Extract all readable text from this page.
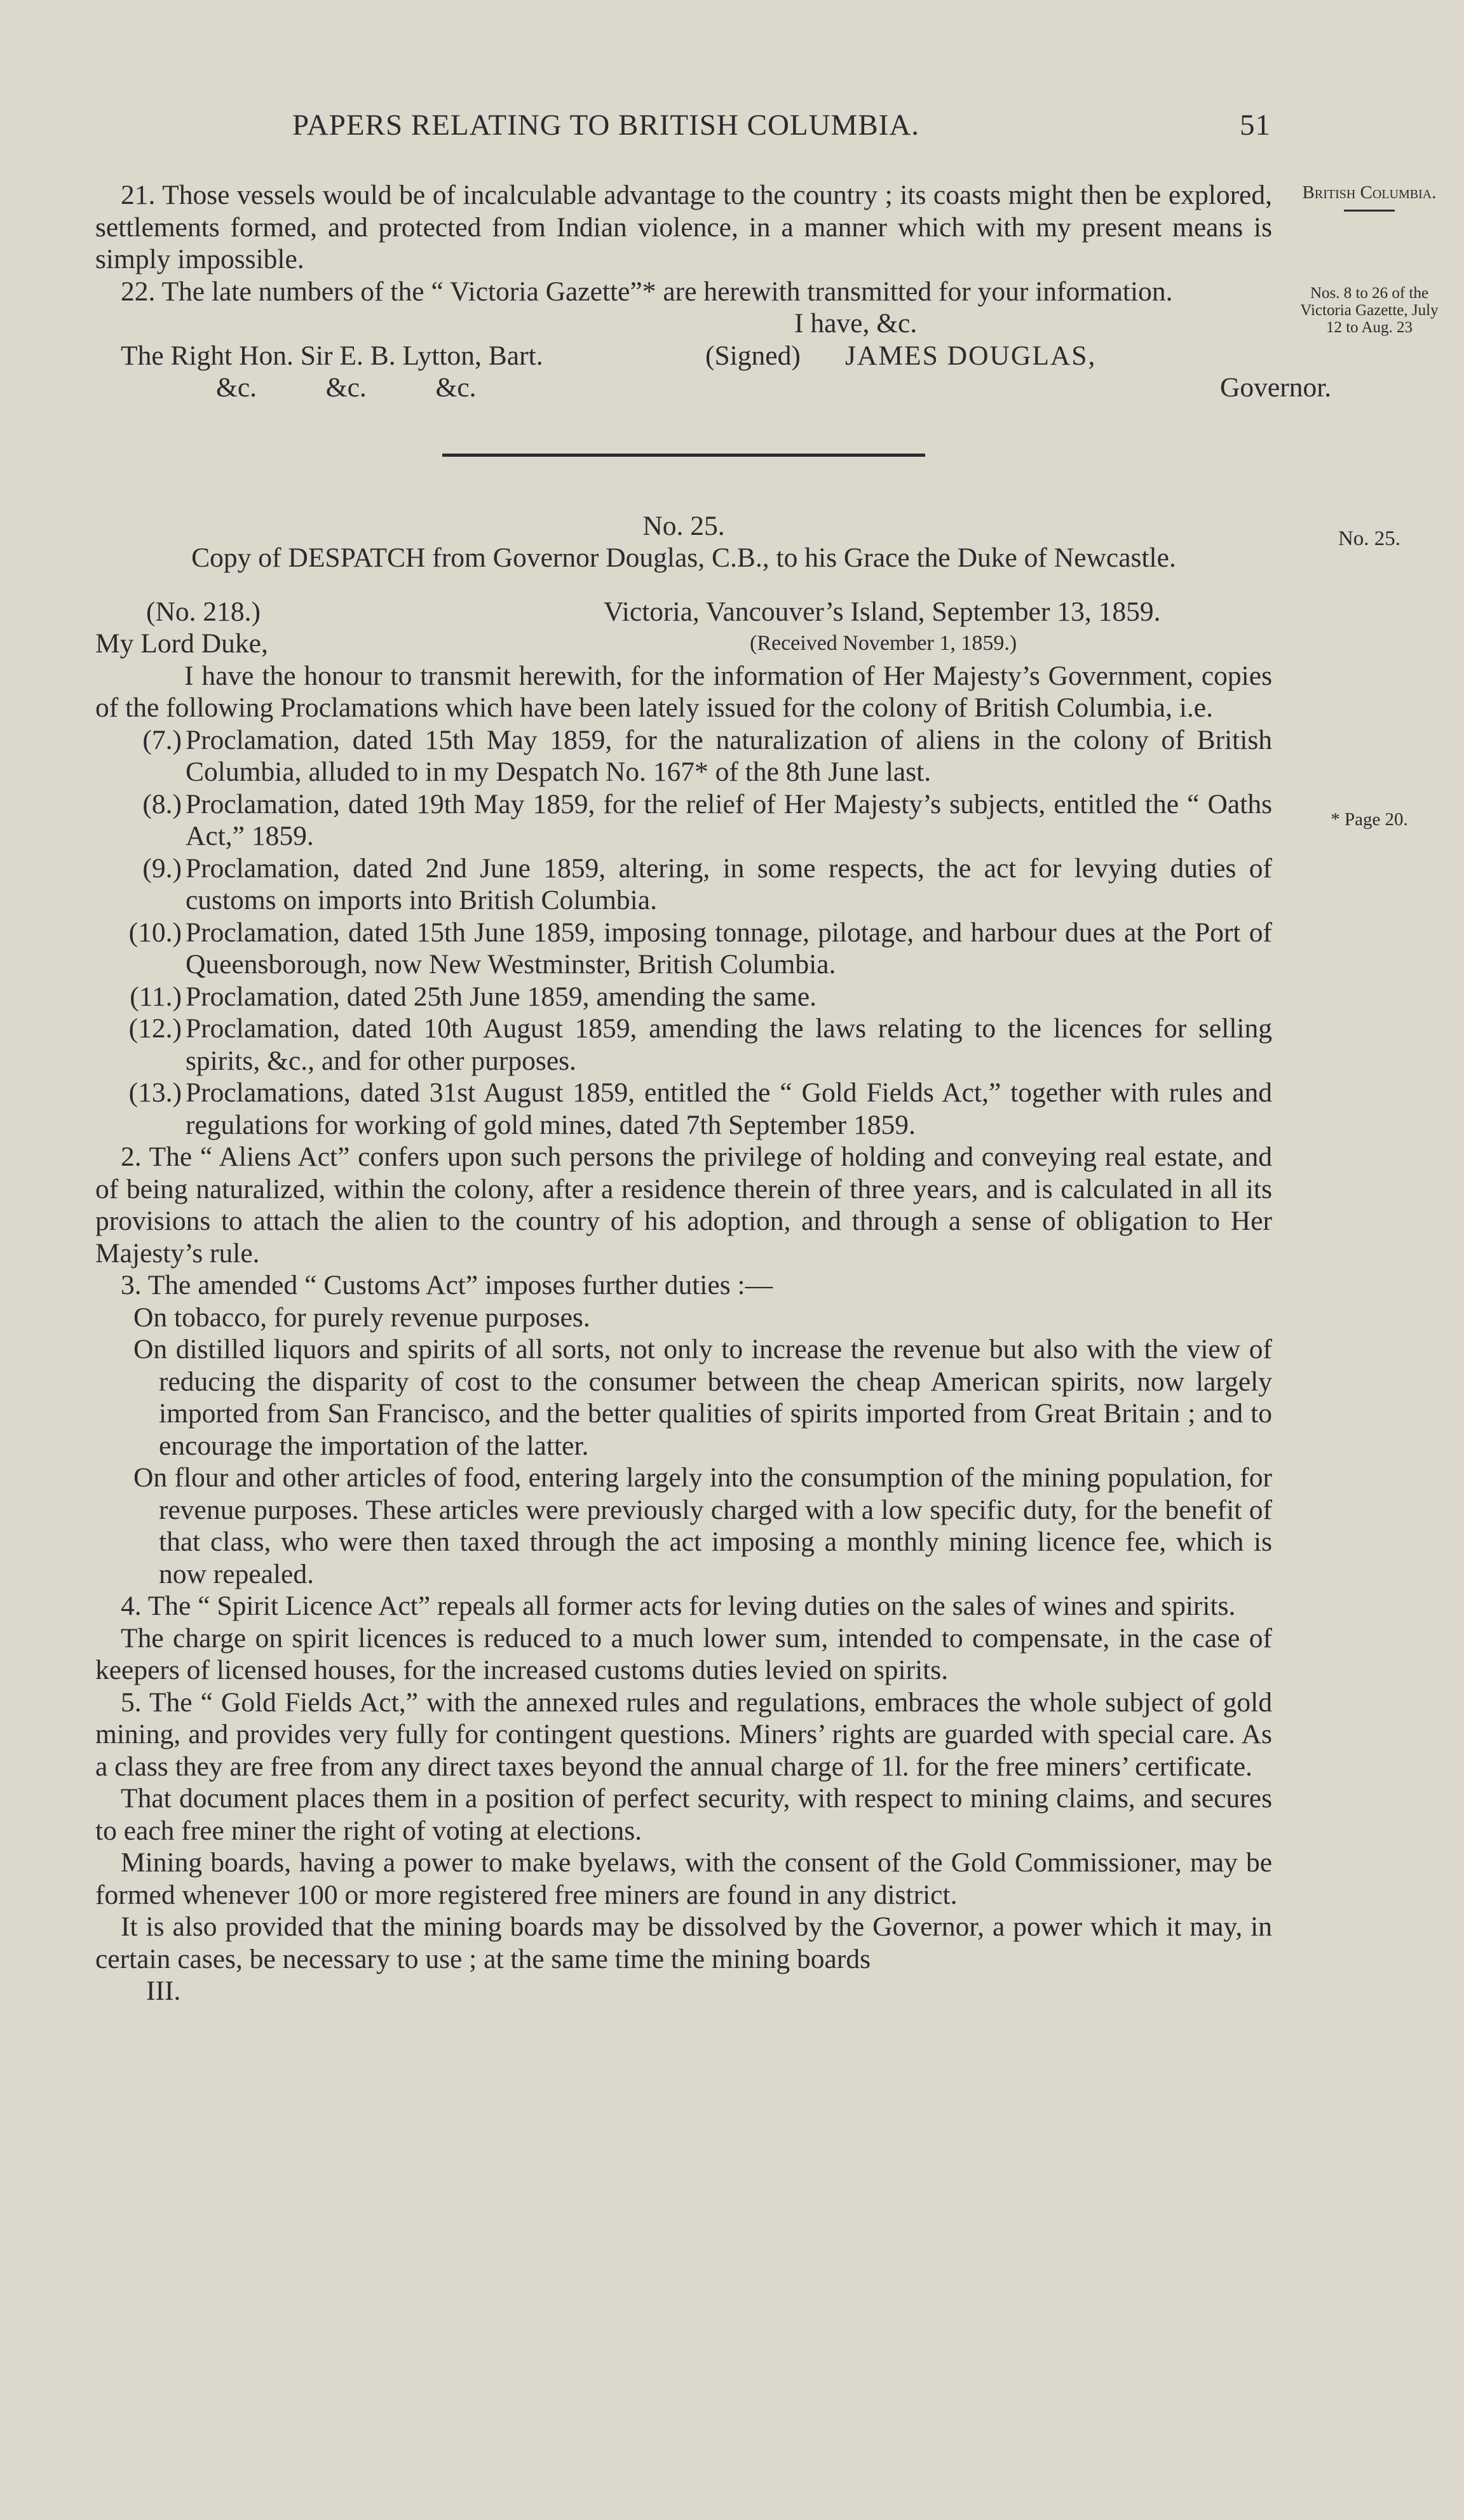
PAPERS RELATING TO BRITISH COLUMBIA.	51
British Columbia.
Nos. 8 to 26 of the Victoria Gazette, July 12 to Aug. 23
No. 25.
* Page 20.

21. Those vessels would be of incalculable advantage to the country ; its coasts might then be explored, settlements formed, and protected from Indian violence, in a manner which with my present means is simply impossible.

22. The late numbers of the “ Victoria Gazette”* are herewith transmitted for your information.

I have, &c.

The Right Hon. Sir E. B. Lytton, Bart.	(Signed)	JAMES DOUGLAS,
&c.          &c.          &c.	Governor.

No. 25.

Copy of DESPATCH from Governor Douglas, C.B., to his Grace the Duke of Newcastle.

(No. 218.)	Victoria, Vancouver’s Island, September 13, 1859.
My Lord Duke,	(Received November 1, 1859.)

I have the honour to transmit herewith, for the information of Her Majesty’s Government, copies of the following Proclamations which have been lately issued for the colony of British Columbia, i.e.

(7.) Proclamation, dated 15th May 1859, for the naturalization of aliens in the colony of British Columbia, alluded to in my Despatch No. 167* of the 8th June last.
(8.) Proclamation, dated 19th May 1859, for the relief of Her Majesty’s subjects, entitled the “ Oaths Act,” 1859.
(9.) Proclamation, dated 2nd June 1859, altering, in some respects, the act for levying duties of customs on imports into British Columbia.
(10.) Proclamation, dated 15th June 1859, imposing tonnage, pilotage, and harbour dues at the Port of Queensborough, now New Westminster, British Columbia.
(11.) Proclamation, dated 25th June 1859, amending the same.
(12.) Proclamation, dated 10th August 1859, amending the laws relating to the licences for selling spirits, &c., and for other purposes.
(13.) Proclamations, dated 31st August 1859, entitled the “ Gold Fields Act,” together with rules and regulations for working of gold mines, dated 7th September 1859.

2. The “ Aliens Act” confers upon such persons the privilege of holding and conveying real estate, and of being naturalized, within the colony, after a residence therein of three years, and is calculated in all its provisions to attach the alien to the country of his adoption, and through a sense of obligation to Her Majesty’s rule.

3. The amended “ Customs Act” imposes further duties :—

On tobacco, for purely revenue purposes.

On distilled liquors and spirits of all sorts, not only to increase the revenue but also with the view of reducing the disparity of cost to the consumer between the cheap American spirits, now largely imported from San Francisco, and the better qualities of spirits imported from Great Britain ; and to encourage the importation of the latter.

On flour and other articles of food, entering largely into the consumption of the mining population, for revenue purposes. These articles were previously charged with a low specific duty, for the benefit of that class, who were then taxed through the act imposing a monthly mining licence fee, which is now repealed.

4. The “ Spirit Licence Act” repeals all former acts for leving duties on the sales of wines and spirits.

The charge on spirit licences is reduced to a much lower sum, intended to compensate, in the case of keepers of licensed houses, for the increased customs duties levied on spirits.

5. The “ Gold Fields Act,” with the annexed rules and regulations, embraces the whole subject of gold mining, and provides very fully for contingent questions. Miners’ rights are guarded with special care. As a class they are free from any direct taxes beyond the annual charge of 1l. for the free miners’ certificate.

That document places them in a position of perfect security, with respect to mining claims, and secures to each free miner the right of voting at elections.

Mining boards, having a power to make byelaws, with the consent of the Gold Commissioner, may be formed whenever 100 or more registered free miners are found in any district.

It is also provided that the mining boards may be dissolved by the Governor, a power which it may, in certain cases, be necessary to use ; at the same time the mining boards

III.
